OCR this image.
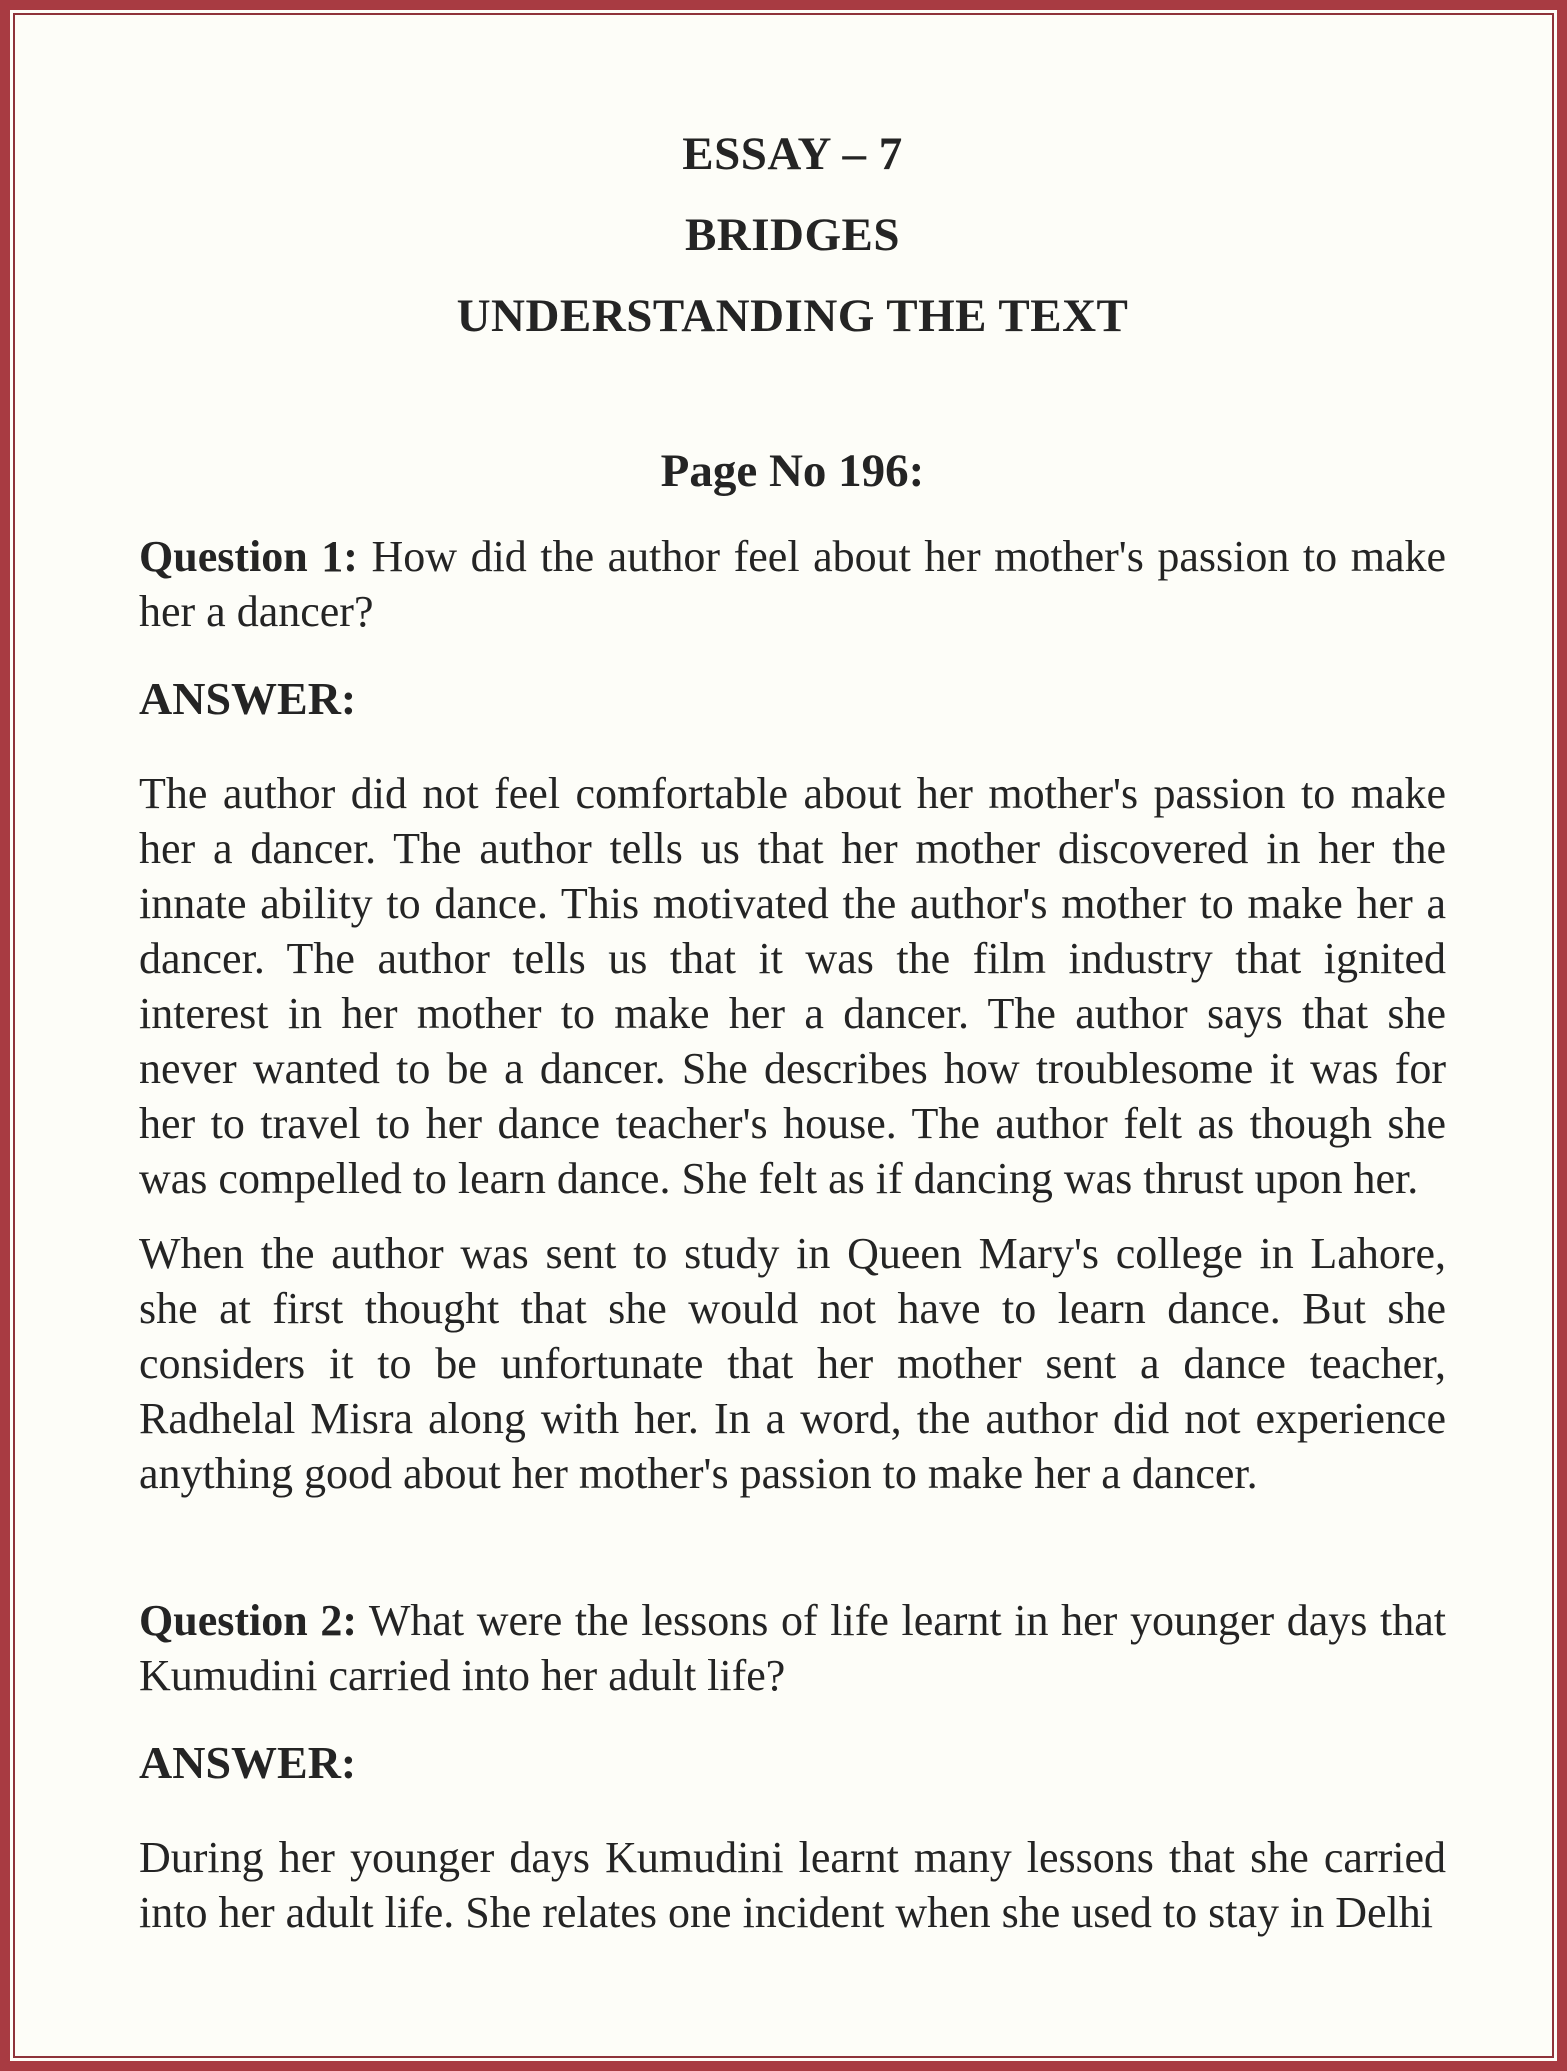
ESSAY – 7
BRIDGES
UNDERSTANDING THE TEXT
Page No 196:

Question 1: How did the author feel about her mother's passion to make her a dancer?

ANSWER:

The author did not feel comfortable about her mother's passion to make her a dancer. The author tells us that her mother discovered in her the innate ability to dance. This motivated the author's mother to make her a dancer. The author tells us that it was the film industry that ignited interest in her mother to make her a dancer. The author says that she never wanted to be a dancer. She describes how troublesome it was for her to travel to her dance teacher's house. The author felt as though she was compelled to learn dance. She felt as if dancing was thrust upon her.

When the author was sent to study in Queen Mary's college in Lahore, she at first thought that she would not have to learn dance. But she considers it to be unfortunate that her mother sent a dance teacher, Radhelal Misra along with her. In a word, the author did not experience anything good about her mother's passion to make her a dancer.

Question 2: What were the lessons of life learnt in her younger days that Kumudini carried into her adult life?

ANSWER:

During her younger days Kumudini learnt many lessons that she carried into her adult life. She relates one incident when she used to stay in Delhi
